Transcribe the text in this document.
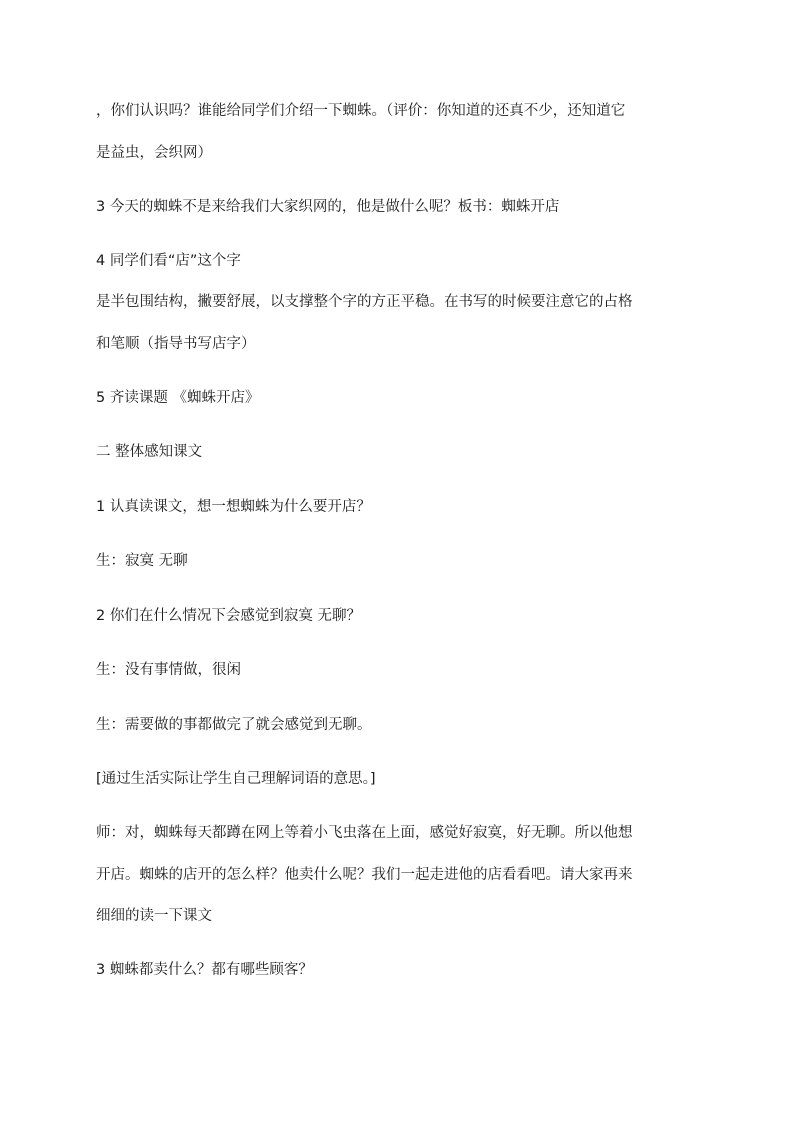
，你们认识吗？谁能给同学们介绍一下蜘蛛。（评价：你知道的还真不少，还知道它
是益虫，会织网）
3 今天的蜘蛛不是来给我们大家织网的，他是做什么呢？板书：蜘蛛开店
4 同学们看“店”这个字
是半包围结构，撇要舒展，以支撑整个字的方正平稳。在书写的时候要注意它的占格
和笔顺（指导书写店字）
5 齐读课题 《蜘蛛开店》
二 整体感知课文
1 认真读课文，想一想蜘蛛为什么要开店？
生：寂寞 无聊
2 你们在什么情况下会感觉到寂寞 无聊？
生：没有事情做，很闲
生：需要做的事都做完了就会感觉到无聊。
[通过生活实际让学生自己理解词语的意思。]
师：对，蜘蛛每天都蹲在网上等着小飞虫落在上面，感觉好寂寞，好无聊。所以他想
开店。蜘蛛的店开的怎么样？他卖什么呢？我们一起走进他的店看看吧。请大家再来
细细的读一下课文
3 蜘蛛都卖什么？都有哪些顾客？
